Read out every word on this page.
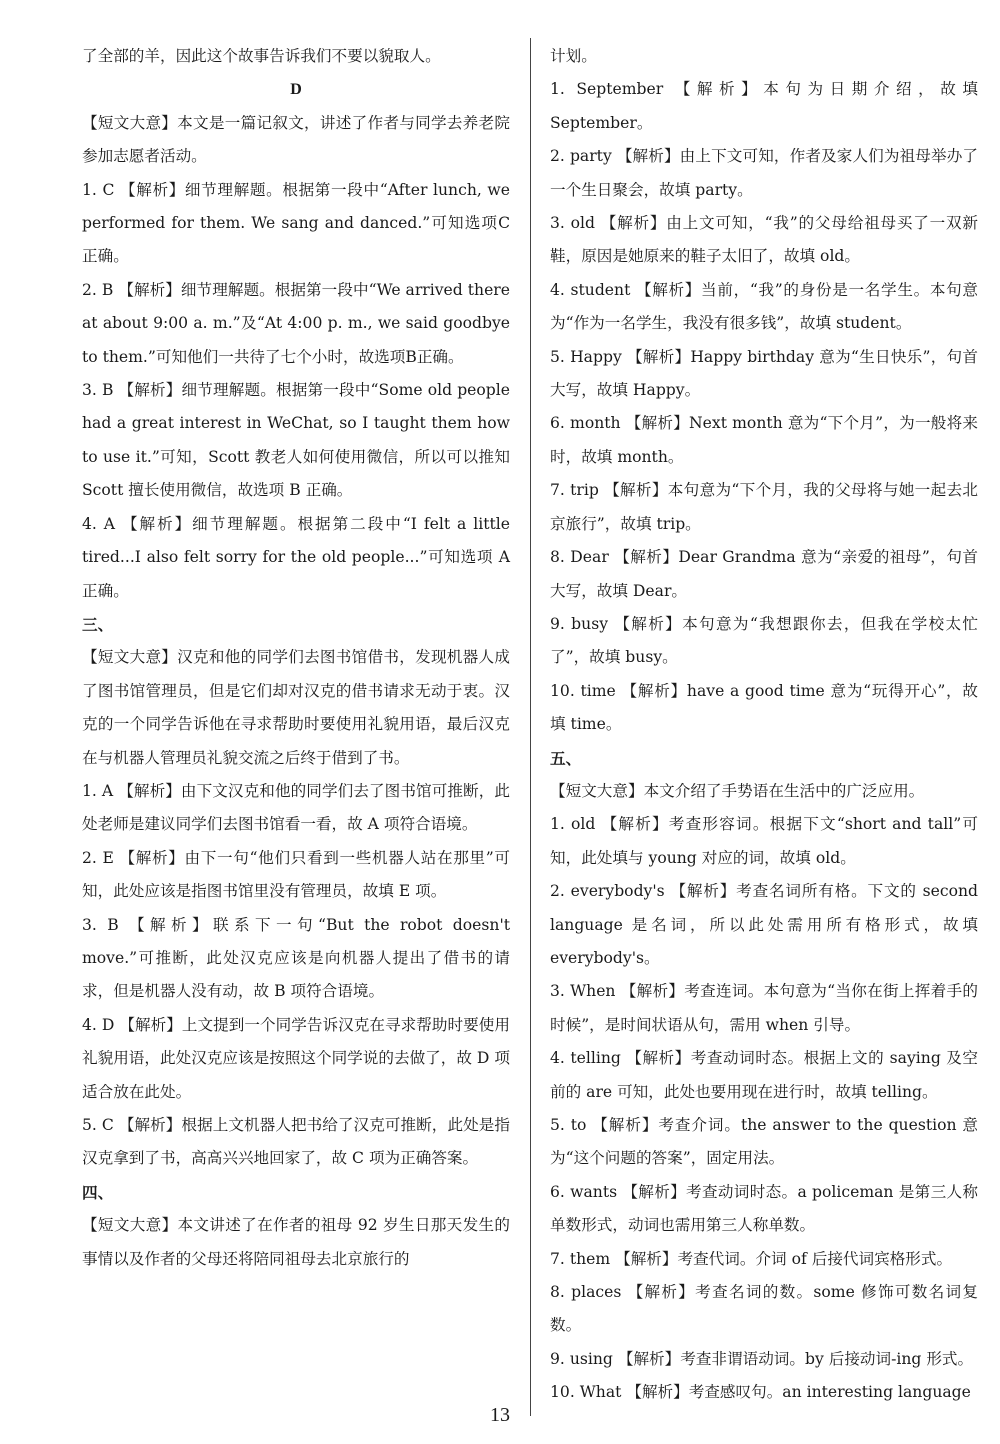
了全部的羊，因此这个故事告诉我们不要以貌取人。

D

【短文大意】本文是一篇记叙文，讲述了作者与同学去养老院参加志愿者活动。

1. C 【解析】细节理解题。根据第一段中“After lunch, we performed for them. We sang and danced.”可知选项C正确。

2. B 【解析】细节理解题。根据第一段中“We arrived there at about 9:00 a. m.”及“At 4:00 p. m., we said goodbye to them.”可知他们一共待了七个小时，故选项B正确。

3. B 【解析】细节理解题。根据第一段中“Some old people had a great interest in WeChat, so I taught them how to use it.”可知，Scott 教老人如何使用微信，所以可以推知 Scott 擅长使用微信，故选项 B 正确。

4. A 【解析】细节理解题。根据第二段中“I felt a little tired...I also felt sorry for the old people...”可知选项 A 正确。

三、

【短文大意】汉克和他的同学们去图书馆借书，发现机器人成了图书馆管理员，但是它们却对汉克的借书请求无动于衷。汉克的一个同学告诉他在寻求帮助时要使用礼貌用语，最后汉克在与机器人管理员礼貌交流之后终于借到了书。

1. A 【解析】由下文汉克和他的同学们去了图书馆可推断，此处老师是建议同学们去图书馆看一看，故 A 项符合语境。

2. E 【解析】由下一句“他们只看到一些机器人站在那里”可知，此处应该是指图书馆里没有管理员，故填 E 项。

3. B 【解析】联系下一句“But the robot doesn't move.”可推断，此处汉克应该是向机器人提出了借书的请求，但是机器人没有动，故 B 项符合语境。

4. D 【解析】上文提到一个同学告诉汉克在寻求帮助时要使用礼貌用语，此处汉克应该是按照这个同学说的去做了，故 D 项适合放在此处。

5. C 【解析】根据上文机器人把书给了汉克可推断，此处是指汉克拿到了书，高高兴兴地回家了，故 C 项为正确答案。

四、

【短文大意】本文讲述了在作者的祖母 92 岁生日那天发生的事情以及作者的父母还将陪同祖母去北京旅行的

计划。

1. September 【解析】本句为日期介绍，故填 September。

2. party 【解析】由上下文可知，作者及家人们为祖母举办了一个生日聚会，故填 party。

3. old 【解析】由上文可知，“我”的父母给祖母买了一双新鞋，原因是她原来的鞋子太旧了，故填 old。

4. student 【解析】当前，“我”的身份是一名学生。本句意为“作为一名学生，我没有很多钱”，故填 student。

5. Happy 【解析】Happy birthday 意为“生日快乐”，句首大写，故填 Happy。

6. month 【解析】Next month 意为“下个月”，为一般将来时，故填 month。

7. trip 【解析】本句意为“下个月，我的父母将与她一起去北京旅行”，故填 trip。

8. Dear 【解析】Dear Grandma 意为“亲爱的祖母”，句首大写，故填 Dear。

9. busy 【解析】本句意为“我想跟你去，但我在学校太忙了”，故填 busy。

10. time 【解析】have a good time 意为“玩得开心”，故填 time。

五、

【短文大意】本文介绍了手势语在生活中的广泛应用。

1. old 【解析】考查形容词。根据下文“short and tall”可知，此处填与 young 对应的词，故填 old。

2. everybody's 【解析】考查名词所有格。下文的 second language 是名词，所以此处需用所有格形式，故填 everybody's。

3. When 【解析】考查连词。本句意为“当你在街上挥着手的时候”，是时间状语从句，需用 when 引导。

4. telling 【解析】考查动词时态。根据上文的 saying 及空前的 are 可知，此处也要用现在进行时，故填 telling。

5. to 【解析】考查介词。the answer to the question 意为“这个问题的答案”，固定用法。

6. wants 【解析】考查动词时态。a policeman 是第三人称单数形式，动词也需用第三人称单数。

7. them 【解析】考查代词。介词 of 后接代词宾格形式。

8. places 【解析】考查名词的数。some 修饰可数名词复数。

9. using 【解析】考查非谓语动词。by 后接动词-ing 形式。

10. What 【解析】考查感叹句。an interesting language

13
